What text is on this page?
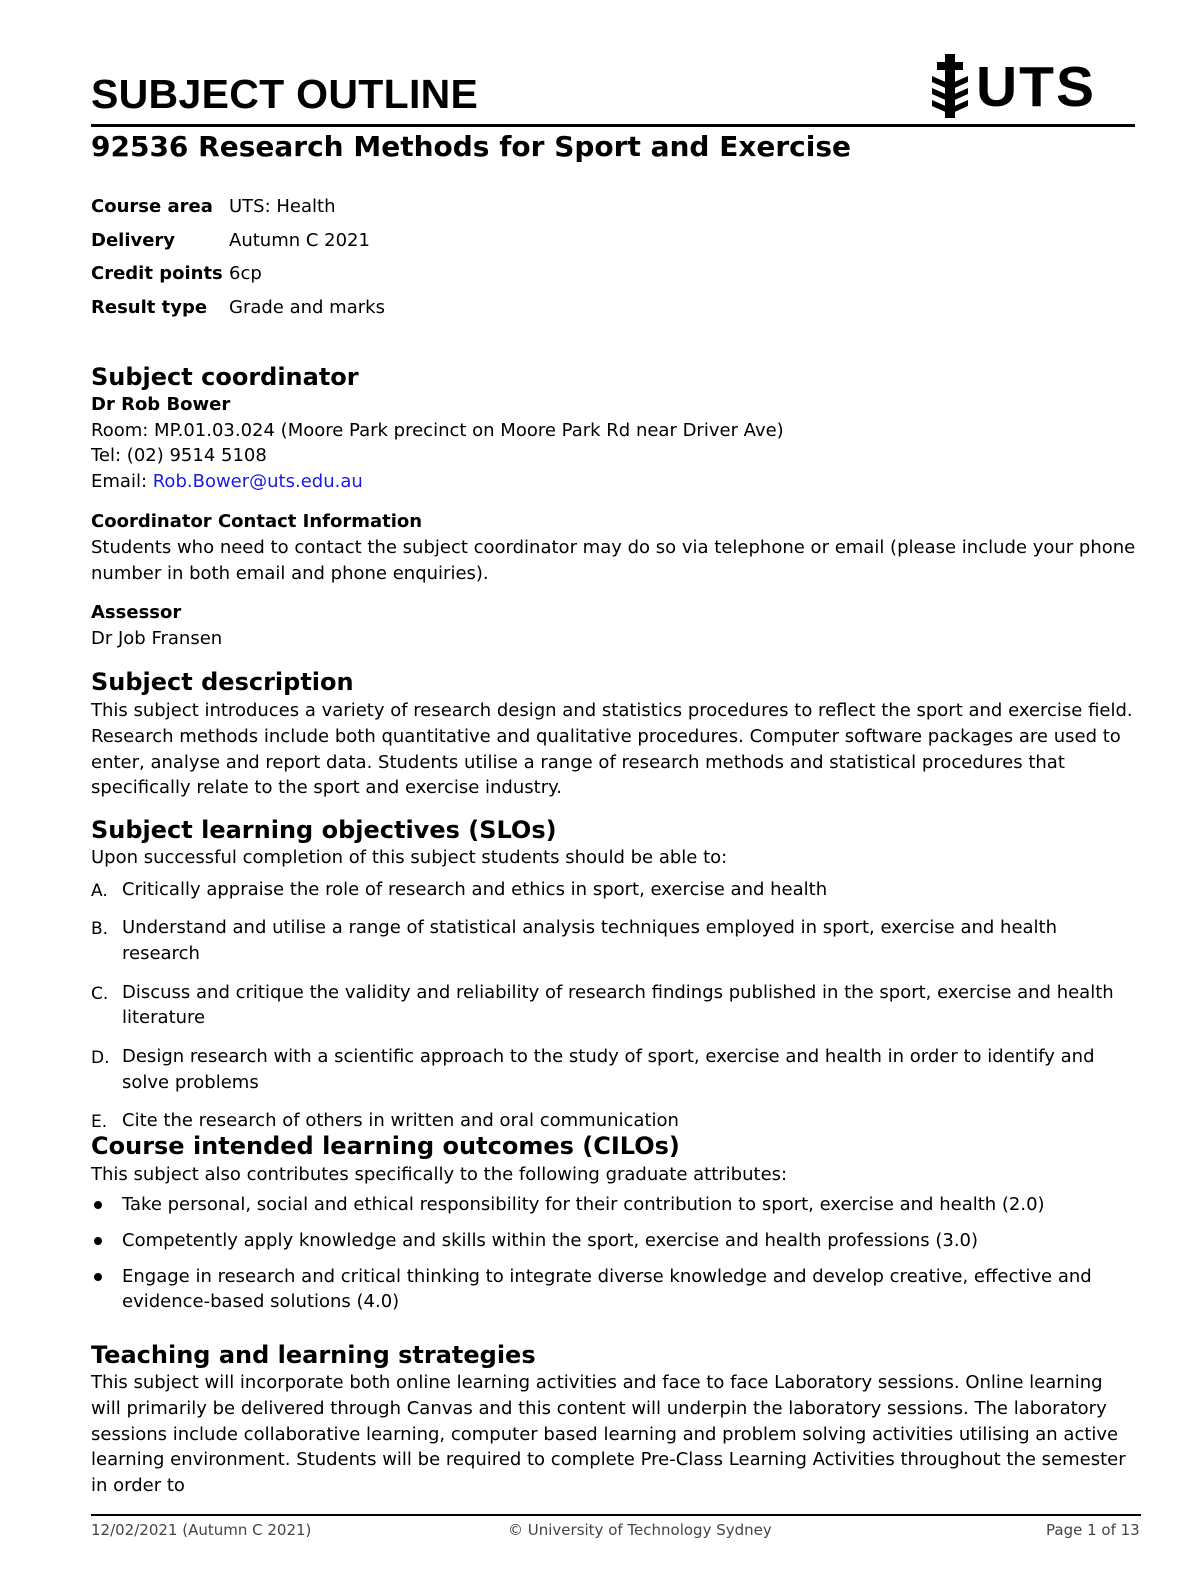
SUBJECT OUTLINE	UTS
92536 Research Methods for Sport and Exercise
Course area UTS: Health
Delivery	Autumn C 2021
Credit points 6cp
Result type	Grade and marks
Subject coordinator
Dr Rob Bower

Room: MP.01.03.024 (Moore Park precinct on Moore Park Rd near Driver Ave)

Tel: (02) 9514 5108

Email: Rob.Bower@uts.edu.au

Coordinator Contact Information

Students who need to contact the subject coordinator may do so via telephone or email (please include your phone number in both email and phone enquiries).

Assessor

Dr Job Fransen

Subject description

This subject introduces a variety of research design and statistics procedures to reflect the sport and exercise field. Research methods include both quantitative and qualitative procedures. Computer software packages are used to enter, analyse and report data. Students utilise a range of research methods and statistical procedures that specifically relate to the sport and exercise industry.

Subject learning objectives (SLOs)

Upon successful completion of this subject students should be able to:

A. Critically appraise the role of research and ethics in sport, exercise and health
B. Understand and utilise a range of statistical analysis techniques employed in sport, exercise and health research
C. Discuss and critique the validity and reliability of research findings published in the sport, exercise and health literature
D. Design research with a scientific approach to the study of sport, exercise and health in order to identify and solve problems
E. Cite the research of others in written and oral communication
Course intended learning outcomes (CILOs)

This subject also contributes specifically to the following graduate attributes:

Take personal, social and ethical responsibility for their contribution to sport, exercise and health (2.0)
Competently apply knowledge and skills within the sport, exercise and health professions (3.0)
Engage in research and critical thinking to integrate diverse knowledge and develop creative, effective and evidence-based solutions (4.0)
Teaching and learning strategies

This subject will incorporate both online learning activities and face to face Laboratory sessions. Online learning will primarily be delivered through Canvas and this content will underpin the laboratory sessions. The laboratory sessions include collaborative learning, computer based learning and problem solving activities utilising an active learning environment. Students will be required to complete Pre-Class Learning Activities throughout the semester in order to

12/02/2021 (Autumn C 2021)	© University of Technology Sydney	Page 1 of 13
